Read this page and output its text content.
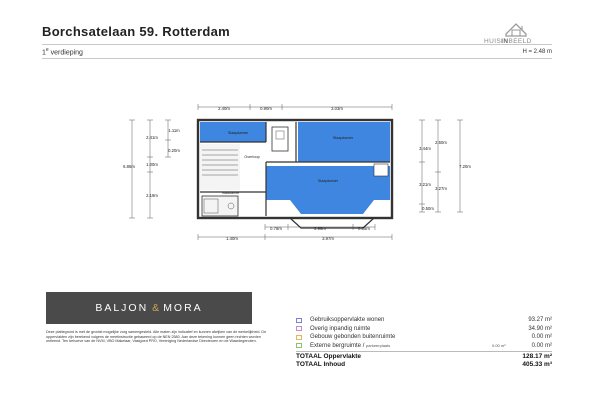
Borchsatelaan 59. Rotterdam
1e verdieping
HUISINBEELD
H = 2.48 m
Slaapkamer
Slaapkamer
Slaapkamer
Overloop
Badkamer
2.40m	0.90m	3.03m
6.86m
2.41m
1.00m
2.19m
1.11m
0.20m
7.20m
2.50m
3.44m
3.21m
3.27m
0.50m
0.78m	2.96m	0.85m
1.40m	3.97m
BALJON & MORA
Deze plattegrond is met de grootst mogelijke zorg samengesteld. Alle maten zijn indicatief en kunnen afwijken van de werkelijkheid. De oppervlakten zijn berekend volgens de meetinstructie gebaseerd op de NEN 2580. Aan deze tekening kunnen geen rechten worden ontleend. Ten behoeve van de NVM, VBO Makelaar, Vastgoed PRO, Vereniging Nederlandse Directeuren en de Waardegenoten.
Gebruiksoppervlakte wonen	93.27 m²
Overig inpandig ruimte	34.90 m²
Gebouw gebonden buitenruimte	0.00 m²
Externe bergruimte / parkeerplaats	0.00 m²	0.00 m²
TOTAAL Oppervlakte	128.17 m²
TOTAAL Inhoud	405.33 m³
